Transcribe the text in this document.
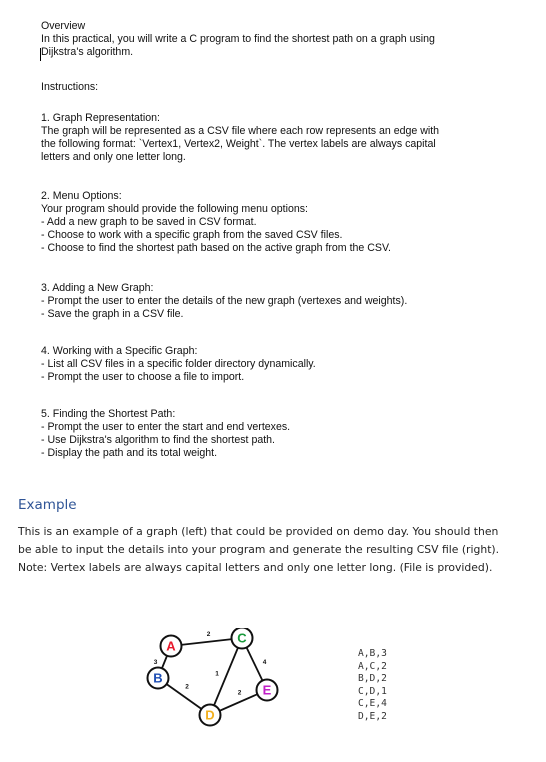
Overview
In this practical, you will write a C program to find the shortest path on a graph using
Dijkstra's algorithm.
Instructions:
1. Graph Representation:
The graph will be represented as a CSV file where each row represents an edge with
the following format: `Vertex1, Vertex2, Weight`. The vertex labels are always capital
letters and only one letter long.
2. Menu Options:
Your program should provide the following menu options:
- Add a new graph to be saved in CSV format.
- Choose to work with a specific graph from the saved CSV files.
- Choose to find the shortest path based on the active graph from the CSV.
3. Adding a New Graph:
- Prompt the user to enter the details of the new graph (vertexes and weights).
- Save the graph in a CSV file.
4. Working with a Specific Graph:
- List all CSV files in a specific folder directory dynamically.
- Prompt the user to choose a file to import.
5. Finding the Shortest Path:
- Prompt the user to enter the start and end vertexes.
- Use Dijkstra's algorithm to find the shortest path.
- Display the path and its total weight.
Example
This is an example of a graph (left) that could be provided on demo day. You should then
be able to input the details into your program and generate the resulting CSV file (right).
Note: Vertex labels are always capital letters and only one letter long. (File is provided).
3
2
2
1
4
2
A
B
C
D
E
A,B,3
A,C,2
B,D,2
C,D,1
C,E,4
D,E,2
